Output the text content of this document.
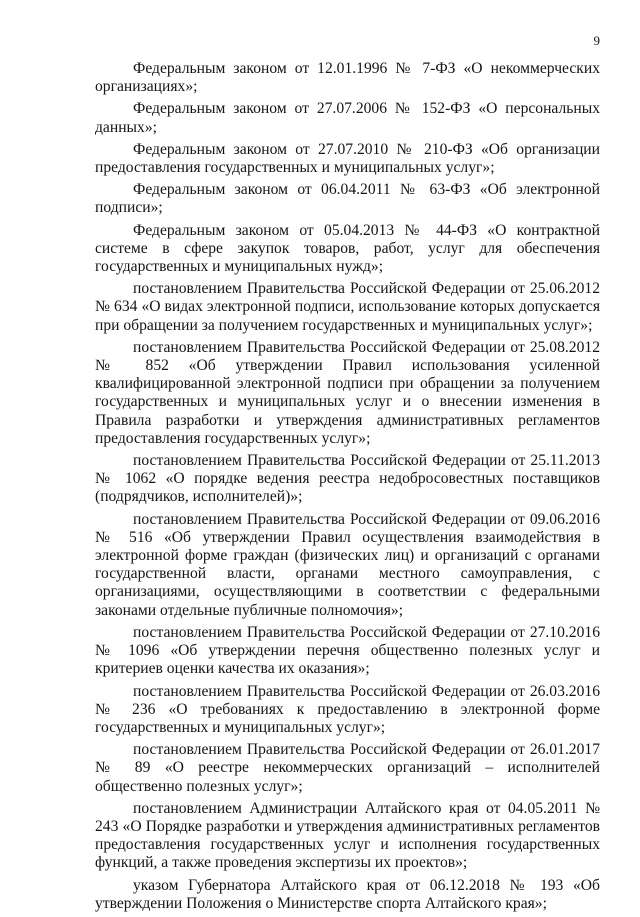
9

Федеральным законом от 12.01.1996 № 7-ФЗ «О некоммерческих организациях»;

Федеральным законом от 27.07.2006 № 152-ФЗ «О персональных данных»;

Федеральным законом от 27.07.2010 № 210-ФЗ «Об организации предоставления государственных и муниципальных услуг»;

Федеральным законом от 06.04.2011 № 63-ФЗ «Об электронной подписи»;

Федеральным законом от 05.04.2013 № 44-ФЗ «О контрактной системе в сфере закупок товаров, работ, услуг для обеспечения государственных и муниципальных нужд»;

постановлением Правительства Российской Федерации от 25.06.2012 № 634 «О видах электронной подписи, использование которых допускается при обращении за получением государственных и муниципальных услуг»;

постановлением Правительства Российской Федерации от 25.08.2012 № 852 «Об утверждении Правил использования усиленной квалифицированной электронной подписи при обращении за получением государственных и муниципальных услуг и о внесении изменения в Правила разработки и утверждения административных регламентов предоставления государственных услуг»;

постановлением Правительства Российской Федерации от 25.11.2013 № 1062 «О порядке ведения реестра недобросовестных поставщиков (подрядчиков, исполнителей)»;

постановлением Правительства Российской Федерации от 09.06.2016 № 516 «Об утверждении Правил осуществления взаимодействия в электронной форме граждан (физических лиц) и организаций с органами государственной власти, органами местного самоуправления, с организациями, осуществляющими в соответствии с федеральными законами отдельные публичные полномочия»;

постановлением Правительства Российской Федерации от 27.10.2016 № 1096 «Об утверждении перечня общественно полезных услуг и критериев оценки качества их оказания»;

постановлением Правительства Российской Федерации от 26.03.2016 № 236 «О требованиях к предоставлению в электронной форме государственных и муниципальных услуг»;

постановлением Правительства Российской Федерации от 26.01.2017 № 89 «О реестре некоммерческих организаций – исполнителей общественно полезных услуг»;

постановлением Администрации Алтайского края от 04.05.2011 № 243 «О Порядке разработки и утверждения административных регламентов предоставления государственных услуг и исполнения государственных функций, а также проведения экспертизы их проектов»;

указом Губернатора Алтайского края от 06.12.2018 № 193 «Об утверждении Положения о Министерстве спорта Алтайского края»;
